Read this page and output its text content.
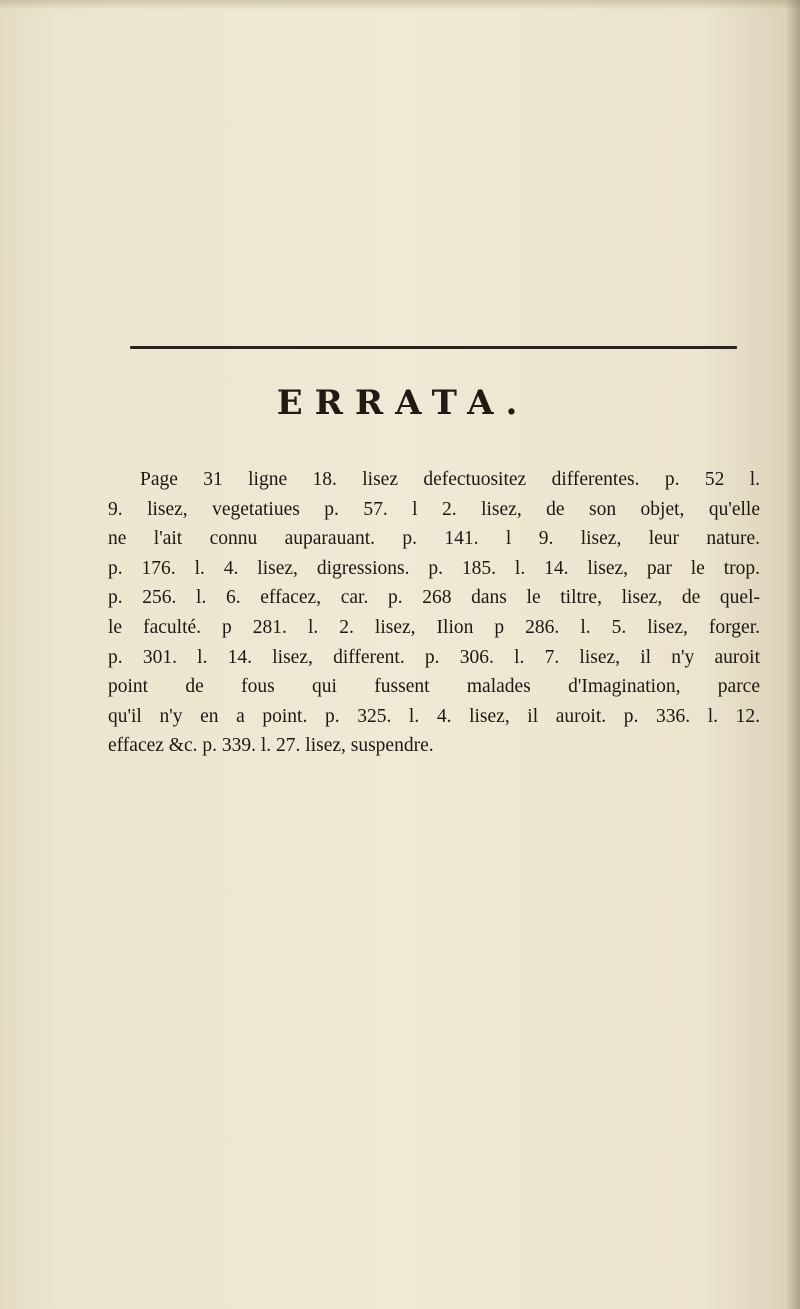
ERRATA.
Page 31 ligne 18. lisez defectuositez differentes. p. 52 l.
9. lisez, vegetatiues p. 57. l 2. lisez, de son objet, qu'elle
ne l'ait connu auparauant. p. 141. l 9. lisez, leur nature.
p. 176. l. 4. lisez, digressions. p. 185. l. 14. lisez, par le trop.
p. 256. l. 6. effacez, car. p. 268 dans le tiltre, lisez, de quel-
le faculté. p 281. l. 2. lisez, Ilion p 286. l. 5. lisez, forger.
p. 301. l. 14. lisez, different. p. 306. l. 7. lisez, il n'y auroit
point de fous qui fussent malades d'Imagination, parce
qu'il n'y en a point. p. 325. l. 4. lisez, il auroit. p. 336. l. 12.
effacez &c. p. 339. l. 27. lisez, suspendre.
